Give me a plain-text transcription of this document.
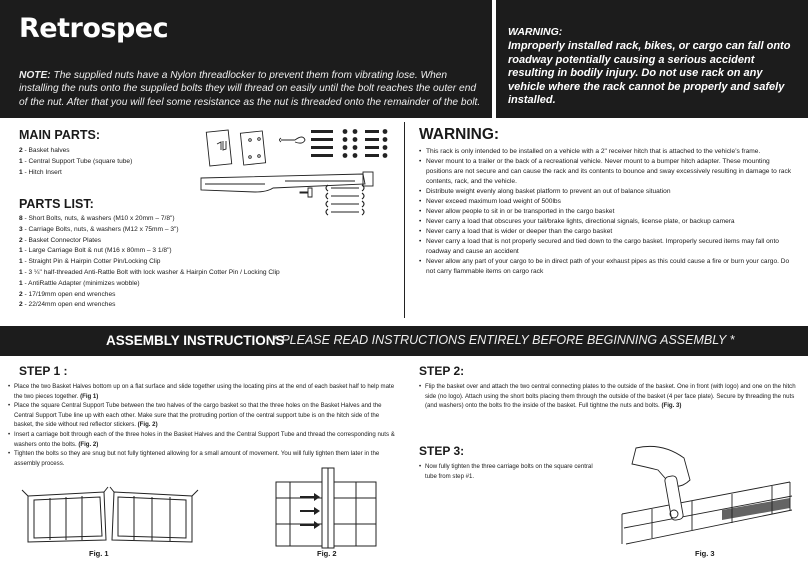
Retrospec
NOTE: The supplied nuts have a Nylon threadlocker to prevent them from vibrating lose. When installing the nuts onto the supplied bolts they will thread on easily until the bolt reaches the outer end of the nut. After that you will feel some resistance as the nut is threaded onto the remainder of the bolt.
WARNING:
Improperly installed rack, bikes, or cargo can fall onto roadway potentially causing a serious accident resulting in bodily injury. Do not use rack on any vehicle where the rack cannot be properly and safely installed.
MAIN PARTS:
2 - Basket halves
1 - Central Support Tube (square tube)
1 - Hitch Insert
PARTS LIST:
8 - Short Bolts, nuts, & washers (M10 x 20mm – 7/8")
3 - Carriage Bolts, nuts, & washers (M12 x 75mm – 3")
2 - Basket Connector Plates
1 - Large Carriage Bolt & nut (M16 x 80mm – 3 1/8")
1 - Straight Pin & Hairpin Cotter Pin/Locking Clip
1 - 3 ¼" half-threaded Anti-Rattle Bolt with lock washer & Hairpin Cotter Pin / Locking Clip
1 - AntiRattle Adapter (minimizes wobble)
2 - 17/19mm open end wrenches
2 - 22/24mm open end wrenches
WARNING:
• This rack is only intended to be installed on a vehicle with a 2" receiver hitch that is attached to the vehicle’s frame.
• Never mount to a trailer or the back of a recreational vehicle. Never mount to a bumper hitch adapter. These mounting positions are not secure and can cause the rack and its contents to bounce and sway excessively resulting in damage to rack contents, rack, and the vehicle.
• Distribute weight evenly along basket platform to prevent an out of balance situation
• Never exceed maximum load weight of 500lbs
• Never allow people to sit in or be transported in the cargo basket
• Never carry a load that obscures your tail/brake lights, directional signals, license plate, or backup camera
• Never carry a load that is wider or deeper than the cargo basket
• Never carry a load that is not properly secured and tied down to the cargo basket. Improperly secured items may fall onto roadway and cause an accident
• Never allow any part of your cargo to be in direct path of your exhaust pipes as this could cause a fire or burn your cargo. Do not carry flammable items on cargo rack
ASSEMBLY INSTRUCTIONS
* PLEASE READ INSTRUCTIONS ENTIRELY BEFORE BEGINNING ASSEMBLY *
STEP 1 :
• Place the two Basket Halves bottom up on a flat surface and slide together using the locating pins at the end of each basket half to help mate the two pieces together. (Fig 1)
• Place the square Central Support Tube between the two halves of the cargo basket so that the three holes on the Basket Halves and the Central Support Tube line up with each other. Make sure that the protruding portion of the central support tube is on the hitch side of the basket, the side without red reflector stickers. (Fig. 2)
• Insert a carriage bolt through each of the three holes in the Basket Halves and the Central Support Tube and thread the corresponding nuts & washers onto the bolts. (Fig. 2)
• Tighten the bolts so they are snug but not fully tightened allowing for a small amount of movement. You will fully tighten them later in the assembly process.
Fig. 1	Fig. 2
STEP 2:
• Flip the basket over and attach the two central connecting plates to the outside of the basket. One in front (with logo) and one on the hitch side (no logo). Attach using the short bolts placing them through the outside of the basket (4 per face plate). Secure by threading the nuts (and washers) onto the bolts fro the inside of the basket. Full tightne the nuts and bolts. (Fig. 3)
STEP 3:
• Now fully tighten the three carriage bolts on the square central tube from step #1.
Fig. 3
